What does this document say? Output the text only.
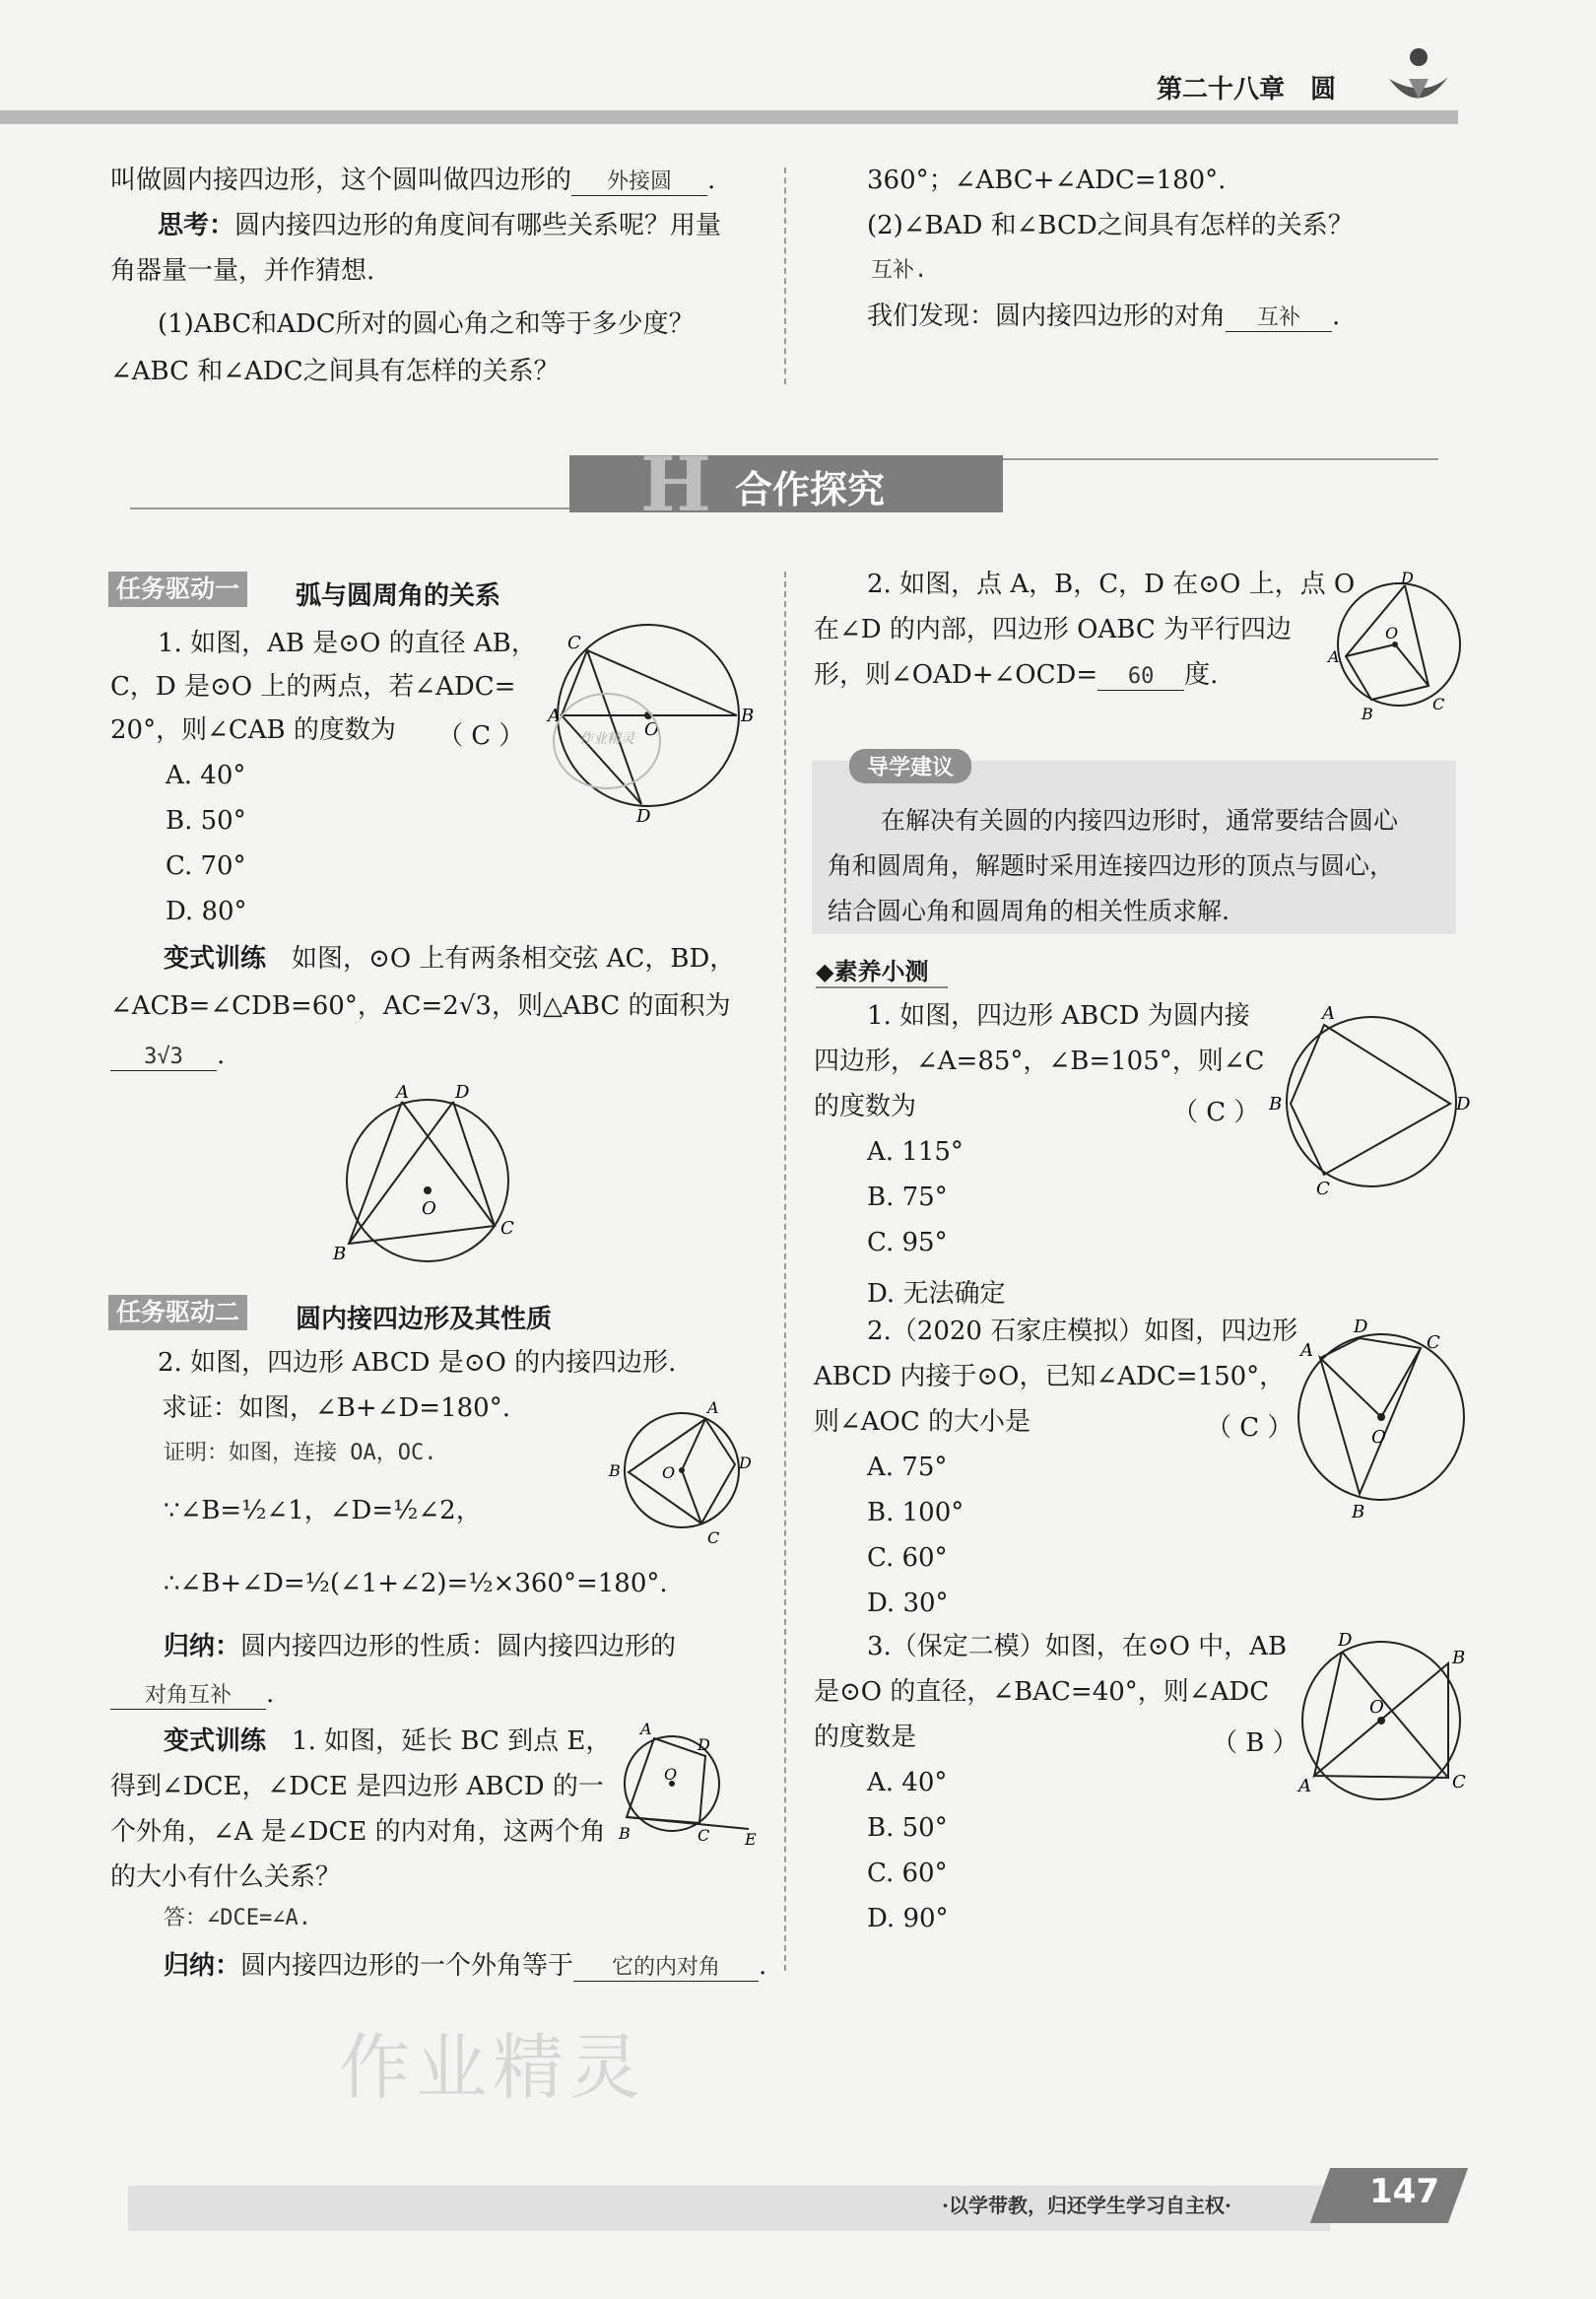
第二十八章　圆
叫做圆内接四边形，这个圆叫做四边形的 外接圆 .
思考：圆内接四边形的角度间有哪些关系呢？用量
角器量一量，并作猜想.
(1)ABC和ADC所对的圆心角之和等于多少度？
∠ABC 和∠ADC之间具有怎样的关系？
360°；∠ABC+∠ADC=180°.
(2)∠BAD 和∠BCD之间具有怎样的关系？
互补.
我们发现：圆内接四边形的对角 互补 .
H 合作探究
任务驱动一	弧与圆周角的关系
1. 如图，AB 是⊙O 的直径 AB，
C，D 是⊙O 上的两点，若∠ADC=
20°，则∠CAB 的度数为 （ C ）
A. 40°
B. 50°
C. 70°
D. 80°
C
A	B
D
O
作业精灵
变式训练　 如图，⊙O 上有两条相交弦 AC，BD，
∠ACB=∠CDB=60°，AC=2√3，则△ABC 的面积为
3√3 .
A	D
B
C
O
2. 如图，点 A，B，C，D 在⊙O 上，点 O
在∠D 的内部，四边形 OABC 为平行四边
形，则∠OAD+∠OCD= 60 度.
D
A
B
C
O
导学建议
在解决有关圆的内接四边形时，通常要结合圆心
角和圆周角，解题时采用连接四边形的顶点与圆心，
结合圆心角和圆周角的相关性质求解.
◆素养小测
1. 如图，四边形 ABCD 为圆内接
四边形，∠A=85°，∠B=105°，则∠C
的度数为	（ C ）
A. 115°
B. 75°
C. 95°
D. 无法确定
A
B
C
D
2.（2020 石家庄模拟）如图，四边形
ABCD 内接于⊙O，已知∠ADC=150°，
则∠AOC 的大小是	（ C ）
A. 75°
B. 100°
C. 60°
D. 30°
A
D
C
B
O
3.（保定二模）如图，在⊙O 中，AB
是⊙O 的直径，∠BAC=40°，则∠ADC
的度数是	（ B ）
A. 40°
B. 50°
C. 60°
D. 90°
D
B
C
A
O
任务驱动二	圆内接四边形及其性质
2. 如图，四边形 ABCD 是⊙O 的内接四边形.
求证：如图，∠B+∠D=180°.
证明：如图，连接 OA，OC.
∵∠B=½∠1，∠D=½∠2，
∴∠B+∠D=½(∠1+∠2)=½×360°=180°.
A
B
C
D
O
归纳：圆内接四边形的性质：圆内接四边形的
对角互补 .
变式训练　 1. 如图，延长 BC 到点 E，
得到∠DCE，∠DCE 是四边形 ABCD 的一
个外角，∠A 是∠DCE 的内对角，这两个角
的大小有什么关系？
答：∠DCE=∠A.
A
D
B	C E
O
归纳：圆内接四边形的一个外角等于 它的内对角 .
作业精灵
·以学带教，归还学生学习自主权·	147
